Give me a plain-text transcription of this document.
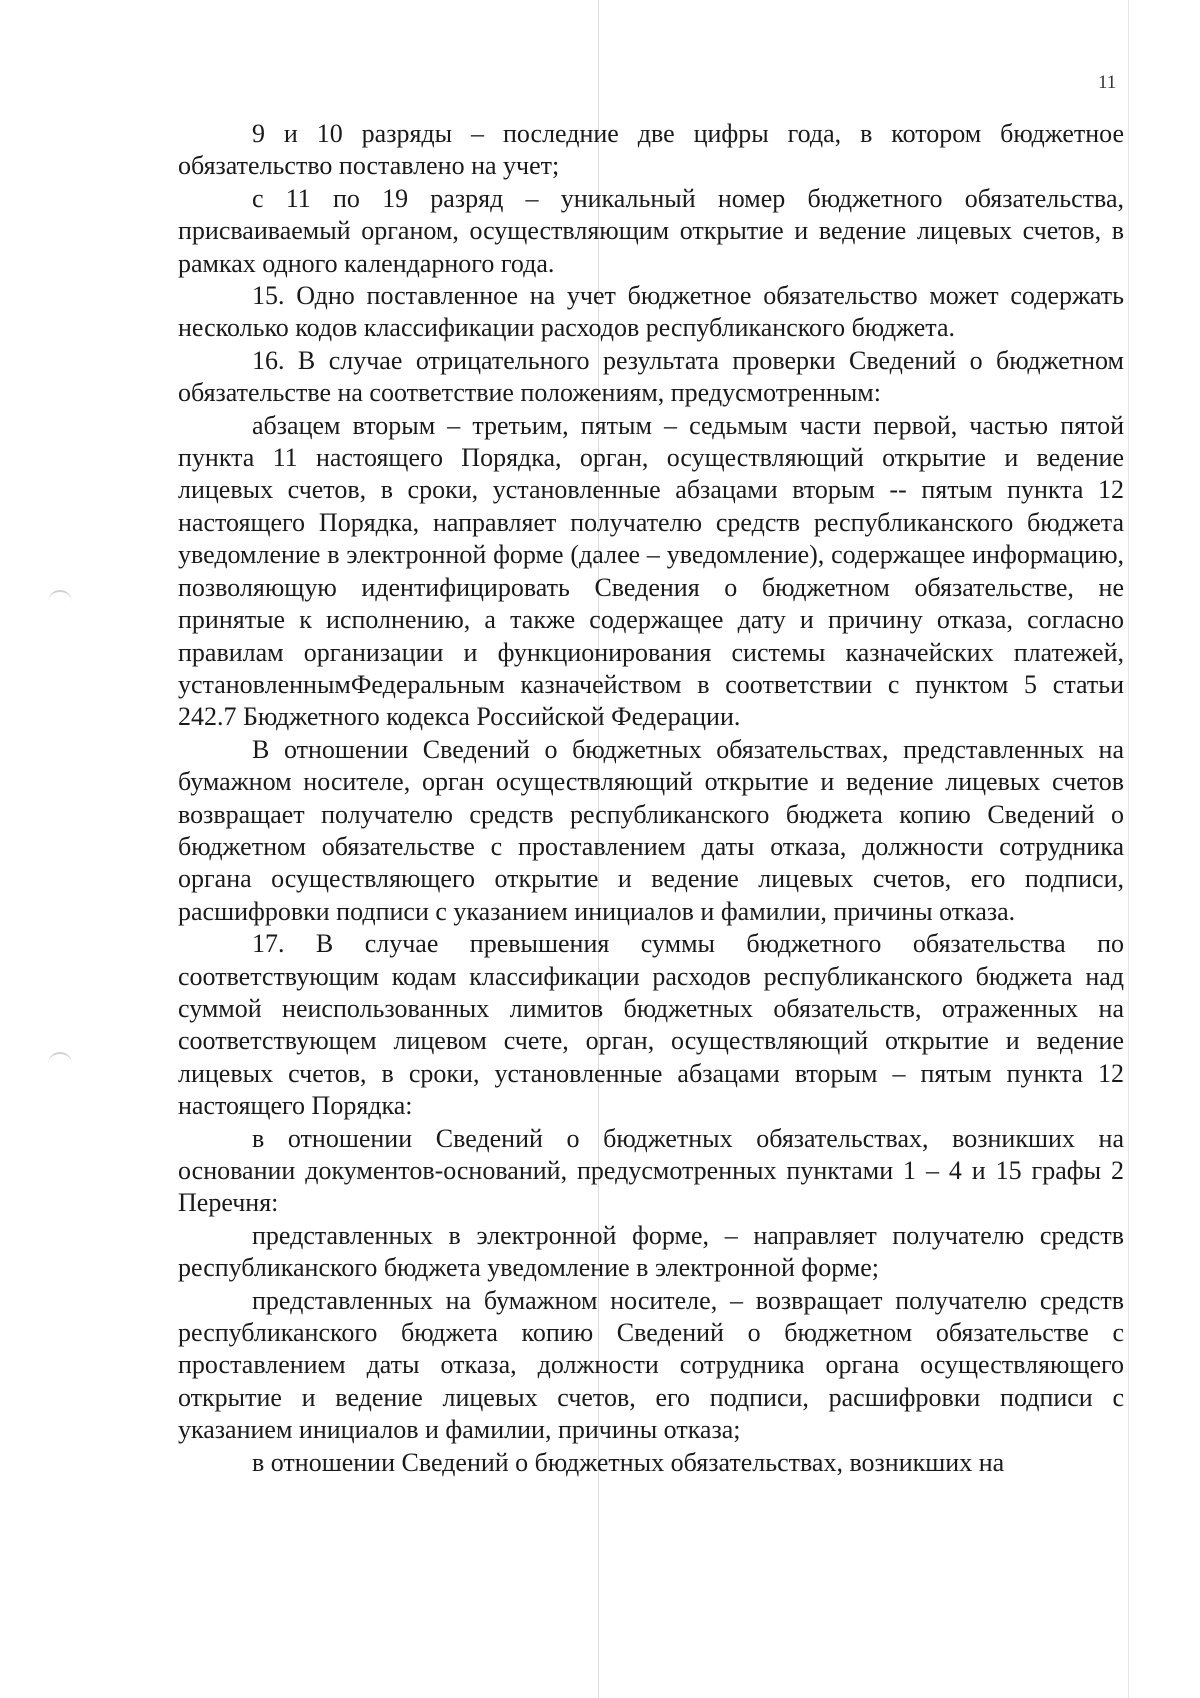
11

9 и 10 разряды – последние две цифры года, в котором бюджетное обязательство поставлено на учет;

с 11 по 19 разряд – уникальный номер бюджетного обязательства, присваиваемый органом, осуществляющим открытие и ведение лицевых счетов, в рамках одного календарного года.

15. Одно поставленное на учет бюджетное обязательство может содержать несколько кодов классификации расходов республиканского бюджета.

16. В случае отрицательного результата проверки Сведений о бюджетном обязательстве на соответствие положениям, предусмотренным:

абзацем вторым – третьим, пятым – седьмым части первой, частью пятой пункта 11 настоящего Порядка, орган, осуществляющий открытие и ведение лицевых счетов, в сроки, установленные абзацами вторым -- пятым пункта 12 настоящего Порядка, направляет получателю средств республиканского бюджета уведомление в электронной форме (далее – уведомление), содержащее информацию, позволяющую идентифицировать Сведения о бюджетном обязательстве, не принятые к исполнению, а также содержащее дату и причину отказа, согласно правилам организации и функционирования системы казначейских платежей, установленнымФедеральным казначейством в соответствии с пунктом 5 статьи 242.7 Бюджетного кодекса Российской Федерации.

В отношении Сведений о бюджетных обязательствах, представленных на бумажном носителе, орган осуществляющий открытие и ведение лицевых счетов возвращает получателю средств республиканского бюджета копию Сведений о бюджетном обязательстве с проставлением даты отказа, должности сотрудника органа осуществляющего открытие и ведение лицевых счетов, его подписи, расшифровки подписи с указанием инициалов и фамилии, причины отказа.

17. В случае превышения суммы бюджетного обязательства по соответствующим кодам классификации расходов республиканского бюджета над суммой неиспользованных лимитов бюджетных обязательств, отраженных на соответствующем лицевом счете, орган, осуществляющий открытие и ведение лицевых счетов, в сроки, установленные абзацами вторым – пятым пункта 12 настоящего Порядка:

в отношении Сведений о бюджетных обязательствах, возникших на основании документов-оснований, предусмотренных пунктами 1 – 4 и 15 графы 2 Перечня:

представленных в электронной форме, – направляет получателю средств республиканского бюджета уведомление в электронной форме;

представленных на бумажном носителе, – возвращает получателю средств республиканского бюджета копию Сведений о бюджетном обязательстве с проставлением даты отказа, должности сотрудника органа осуществляющего открытие и ведение лицевых счетов, его подписи, расшифровки подписи с указанием инициалов и фамилии, причины отказа;

в отношении Сведений о бюджетных обязательствах, возникших на
